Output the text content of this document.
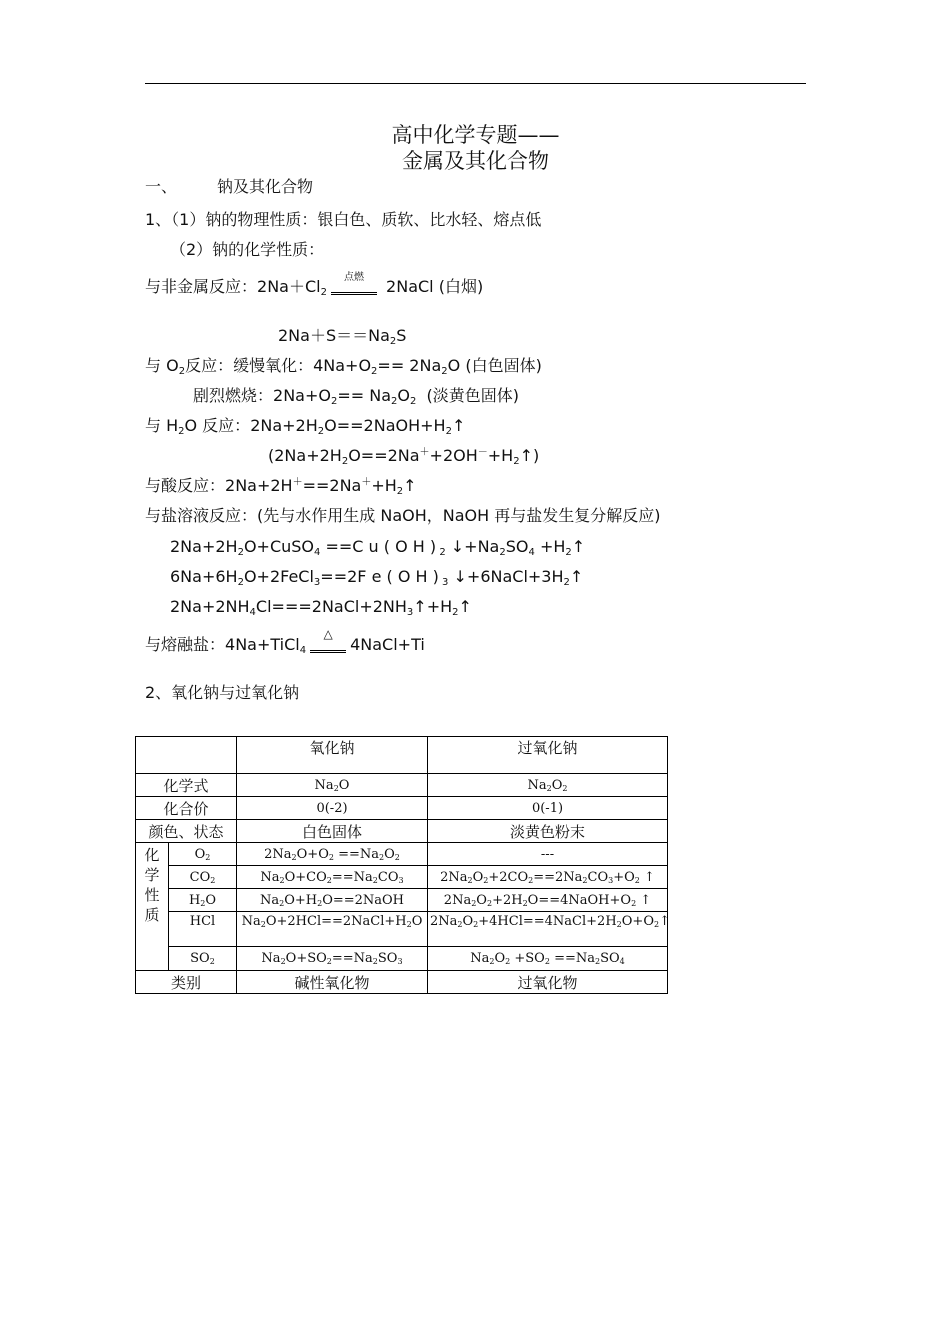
高中化学专题——
金属及其化合物
一、	钠及其化合物
1、（1）钠的物理性质：银白色、质软、比水轻、熔点低
（2）钠的化学性质：
与非金属反应：$2Na+Cl_2$
点燃	2NaCl (白烟)
$2Na+S==Na_2S$
与 $O_2$反应：缓慢氧化：$4Na+O_2== 2Na_2O$ (白色固体)
剧烈燃烧：$2Na+O_2== Na_2O_2$ (淡黄色固体)
与 $H_2O$ 反应：$2Na+2H_2O==2NaOH+H_2↑$
$(2Na+2H_2O==2Na^++2OH^-+H_2↑)$
与酸反应：$2Na+2H^+==2Na^++H_2↑$
与盐溶液反应：(先与水作用生成 NaOH，NaOH 再与盐发生复分解反应)
$2Na+2H_2O+CuSO_4 ==C$ u ( O H ) $_2$ $↓+Na_2SO_4$ $+H_2↑$
$6Na+6H_2O+2FeCl_3==2F$ e ( O H ) $_3$ $↓+6NaCl+3H_2↑$
$2Na+2NH_4Cl===2NaCl+2NH_3↑+H_2↑$
与熔融盐：4Na+TiCl$_4$
△
4NaCl+Ti
2、氧化钠与过氧化钠
		氧化钠	过氧化钠
化学式		$Na_2O$	$Na_2O_2$
化合价		0(-2)	0(-1)
颜色、状态		白色固体	淡黄色粉末

化学性质	$O_2$	$2Na_2O+O_2 ==Na_2O_2$	---
	$CO_2$	$Na_2O+CO_2==Na_2CO_3$	$2Na_2O_2+2CO_2==2Na_2CO_3+O_2$ ↑
	$H_2O$	$Na_2O+H_2O==2NaOH$	$2Na_2O_2+2H_2O==4NaOH+O_2$ ↑
	HCl	$Na_2O+2HCl==2NaCl+H_2O$	$2Na_2O_2+4HCl==4NaCl+2H_2O+O_2↑$
	$SO_2$	$Na_2O+SO_2==Na_2SO_3$	$Na_2O_2 +SO_2 ==Na_2SO_4$
类别		碱性氧化物	过氧化物
